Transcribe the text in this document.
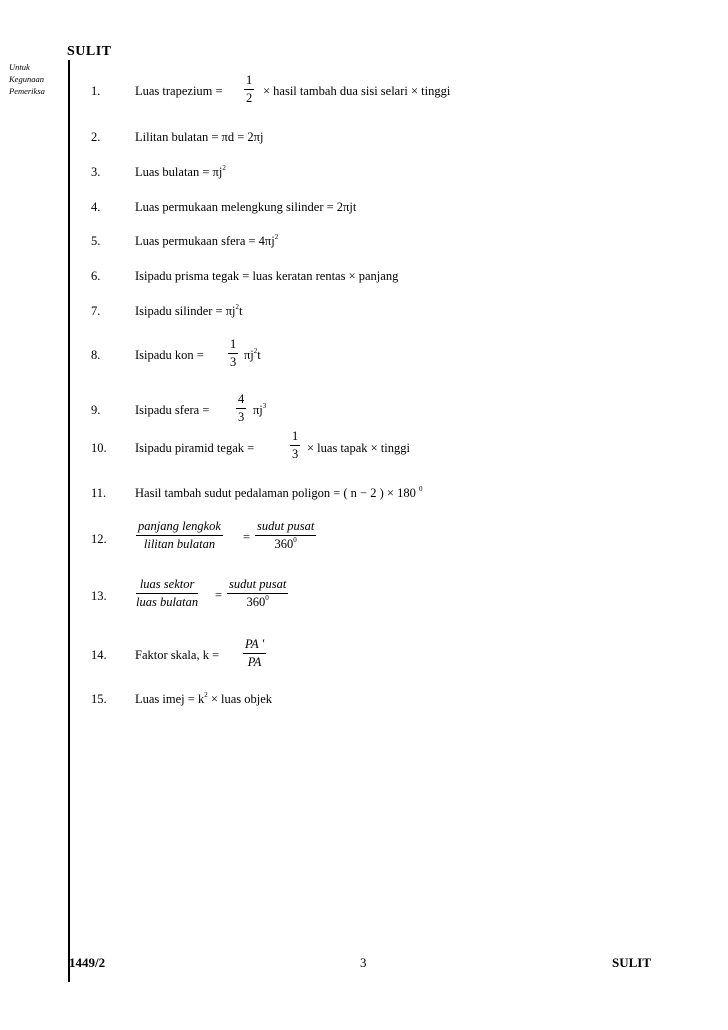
SULIT
Untuk
Kegunaan
Pemeriksa	1.	Luas trapezium = $\frac{1}{2}$ × hasil tambah dua sisi selari × tinggi
2.	Lilitan bulatan = πd = 2πj
3.	Luas bulatan = $\pi j^2$
4.	Luas permukaan melengkung silinder = 2πjt
5.	Luas permukaan sfera = $4\pi j^2$
6.	Isipadu prisma tegak = luas keratan rentas × panjang
7.	Isipadu silinder = $\pi j^2t$
8.	Isipadu kon = $\frac{1}{3} \pi j^2t$
9.	Isipadu sfera = $\frac{4}{3} \pi j^3$
10. Isipadu piramid tegak =	$\frac{1}{3}$ × luas tapak × tinggi
11. Hasil tambah sudut pedalaman poligon = ( n − 2 ) × 180 $^0$
12.
panjang lengkok
lilitan bulatan	=
sudut pusat
$360^0$
13.
luas sektor
luas bulatan =
sudut pusat
$360^0$
14. Faktor skala, $k = \frac{PA '}{PA}$
15. Luas imej = $k^2$ × luas objek
1449/2	3	SULIT
